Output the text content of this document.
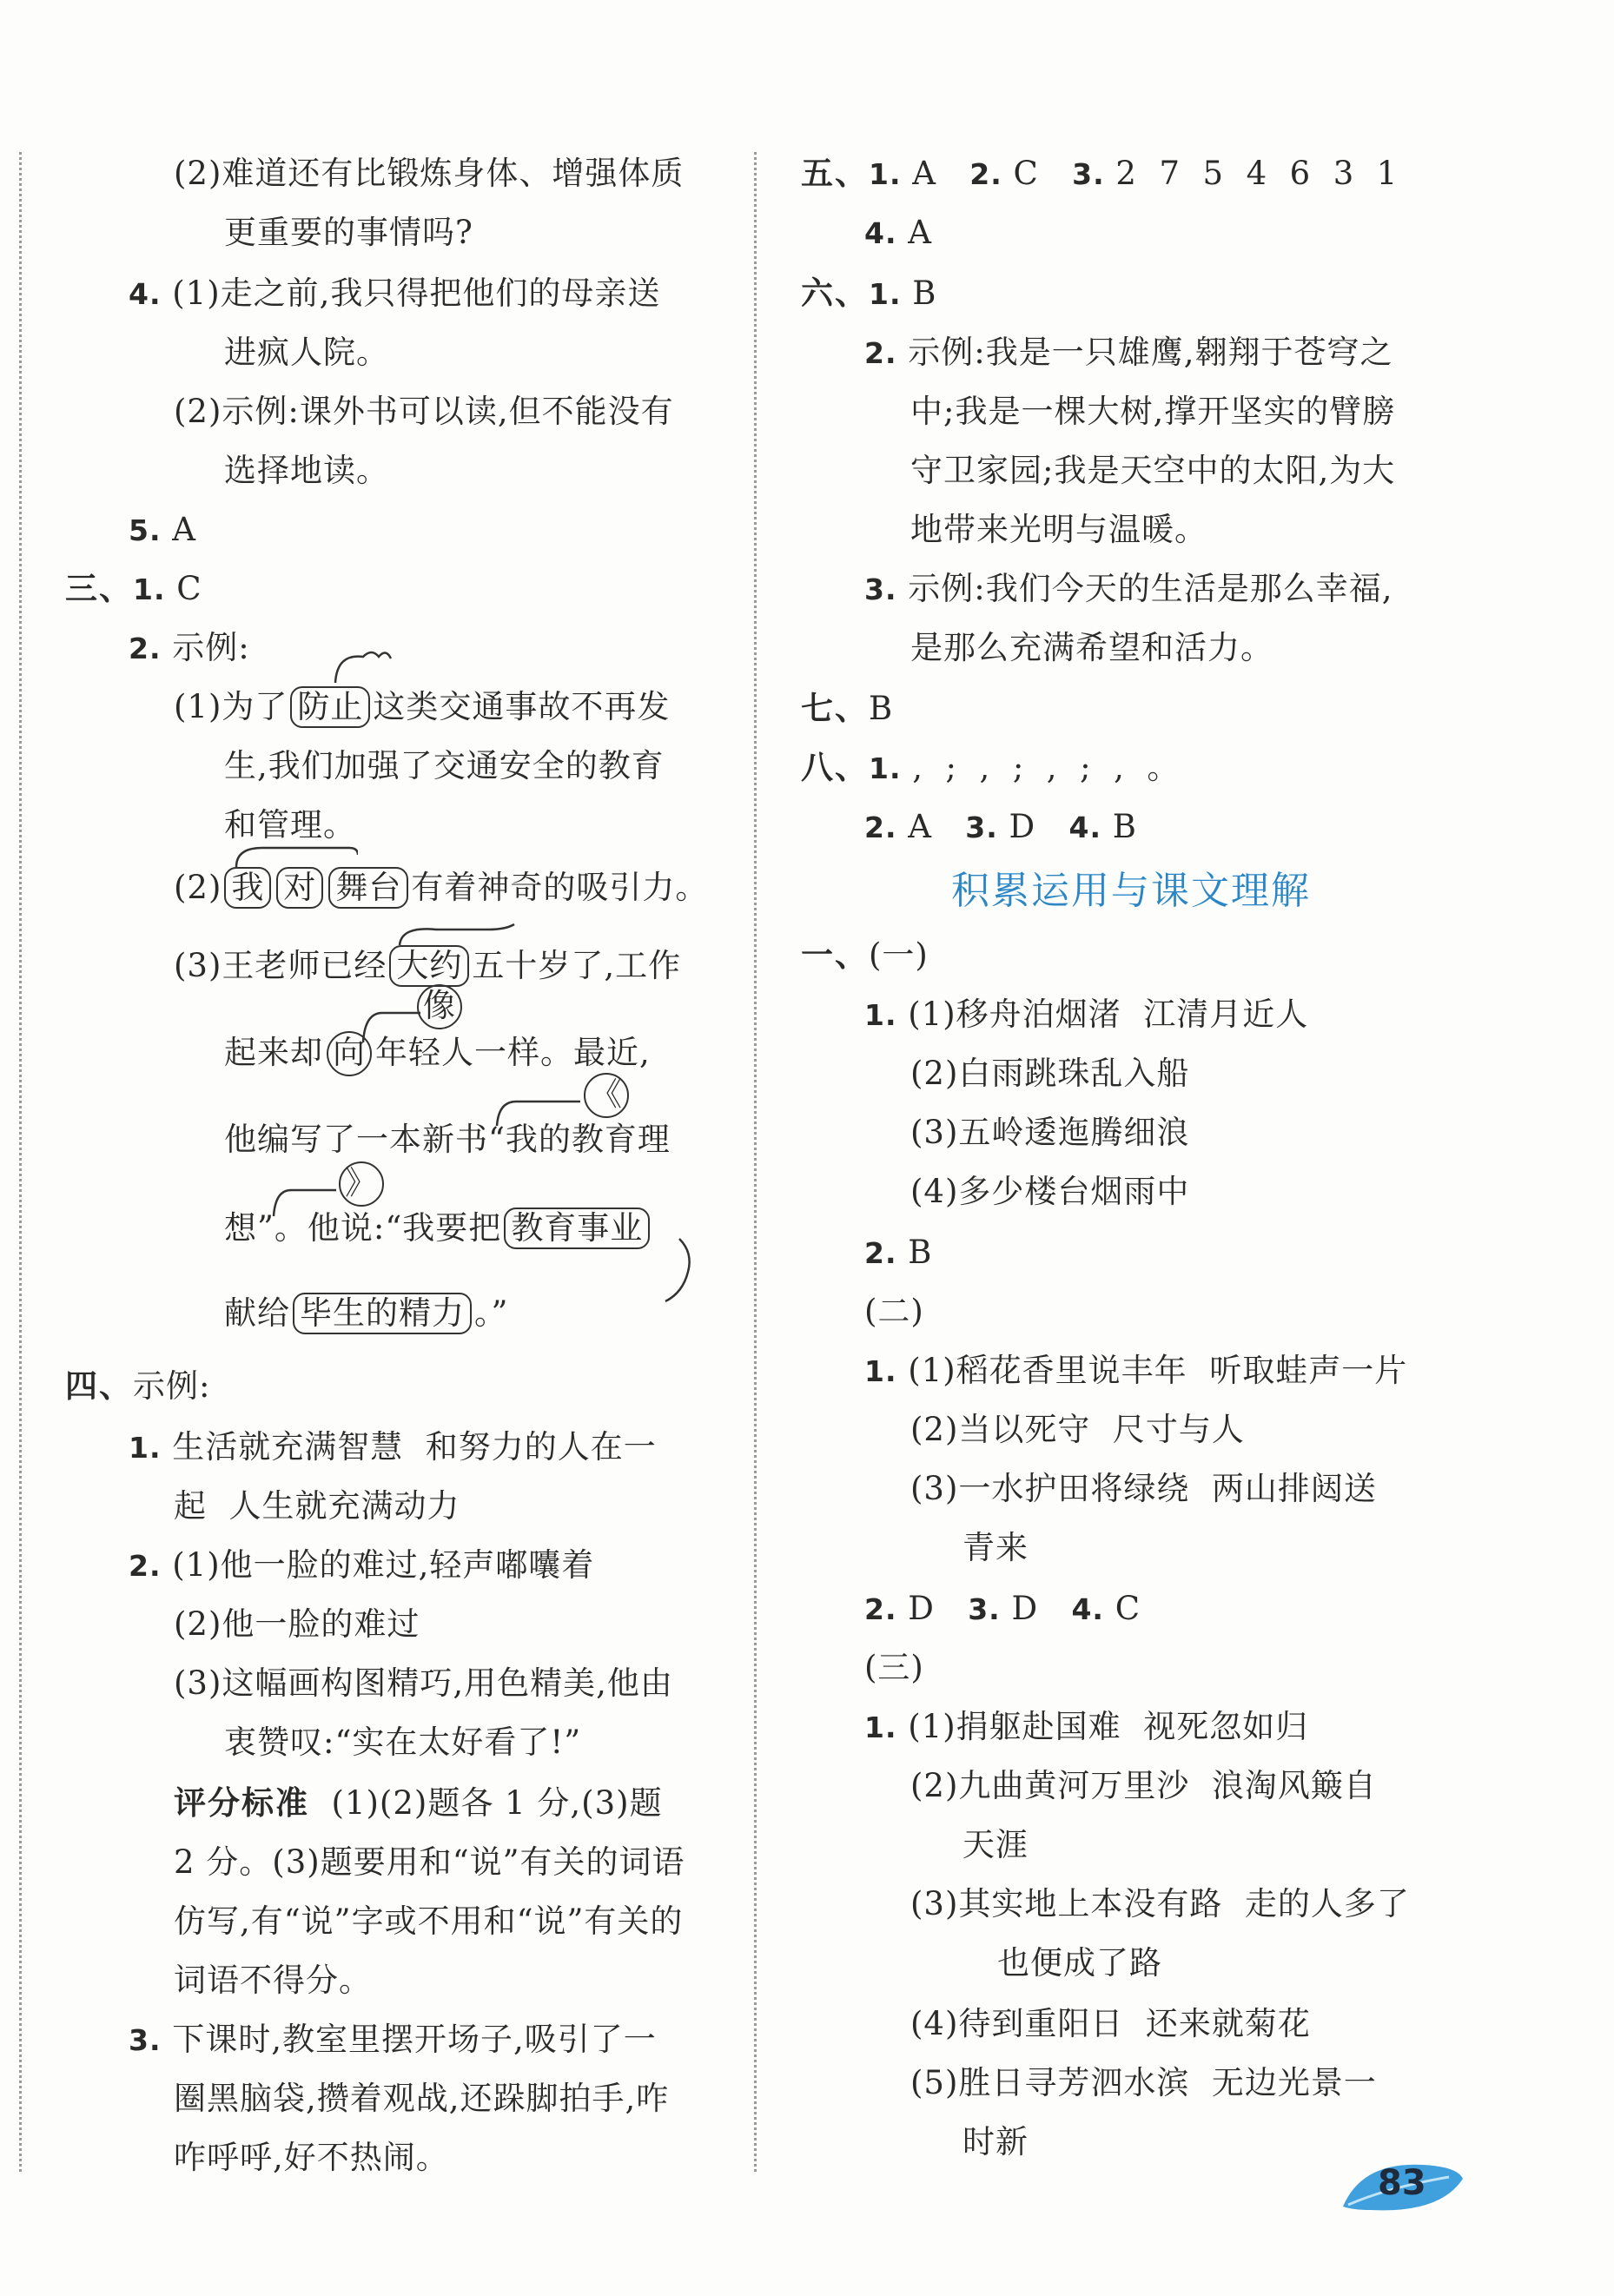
(2)难道还有比锻炼身体、增强体质
更重要的事情吗?
4. (1)走之前,我只得把他们的母亲送
进疯人院。
(2)示例:课外书可以读,但不能没有
选择地读。
5. A
三、1. C
2. 示例:
(1)为了 防止 这类交通事故不再发
生,我们加强了交通安全的教育
和管理。
(2) 我 对 舞台 有着神奇的吸引力。
(3)王老师已经 大约 五十岁了,工作
像
起来却 向 年轻人一样。最近,
《
他编写了一本新书“我的教育理
》
想”。他说:“我要把 教育事业
献给 毕生的精力 。”
四、示例:
1. 生活就充满智慧  和努力的人在一
起  人生就充满动力
2. (1)他一脸的难过,轻声嘟囔着
(2)他一脸的难过
(3)这幅画构图精巧,用色精美,他由
衷赞叹:“实在太好看了!”
评分标准  (1)(2)题各 1 分,(3)题
2 分。(3)题要用和“说”有关的词语
仿写,有“说”字或不用和“说”有关的
词语不得分。
3. 下课时,教室里摆开场子,吸引了一
圈黑脑袋,攒着观战,还跺脚拍手,咋
咋呼呼,好不热闹。
五、1. A   2. C   3. 2  7  5  4  6  3  1
4. A
六、1. B
2. 示例:我是一只雄鹰,翱翔于苍穹之
中;我是一棵大树,撑开坚实的臂膀
守卫家园;我是天空中的太阳,为大
地带来光明与温暖。
3. 示例:我们今天的生活是那么幸福,
是那么充满希望和活力。
七、B
八、1. ,  ;  ,  ;  ,  ;  ,  。
2. A   3. D   4. B
积累运用与课文理解
一、(一)
1. (1)移舟泊烟渚  江清月近人
(2)白雨跳珠乱入船
(3)五岭逶迤腾细浪
(4)多少楼台烟雨中
2. B
(二)
1. (1)稻花香里说丰年  听取蛙声一片
(2)当以死守  尺寸与人
(3)一水护田将绿绕  两山排闼送
青来
2. D   3. D   4. C
(三)
1. (1)捐躯赴国难  视死忽如归
(2)九曲黄河万里沙  浪淘风簸自
天涯
(3)其实地上本没有路  走的人多了
也便成了路
(4)待到重阳日  还来就菊花
(5)胜日寻芳泗水滨  无边光景一
时新
83
